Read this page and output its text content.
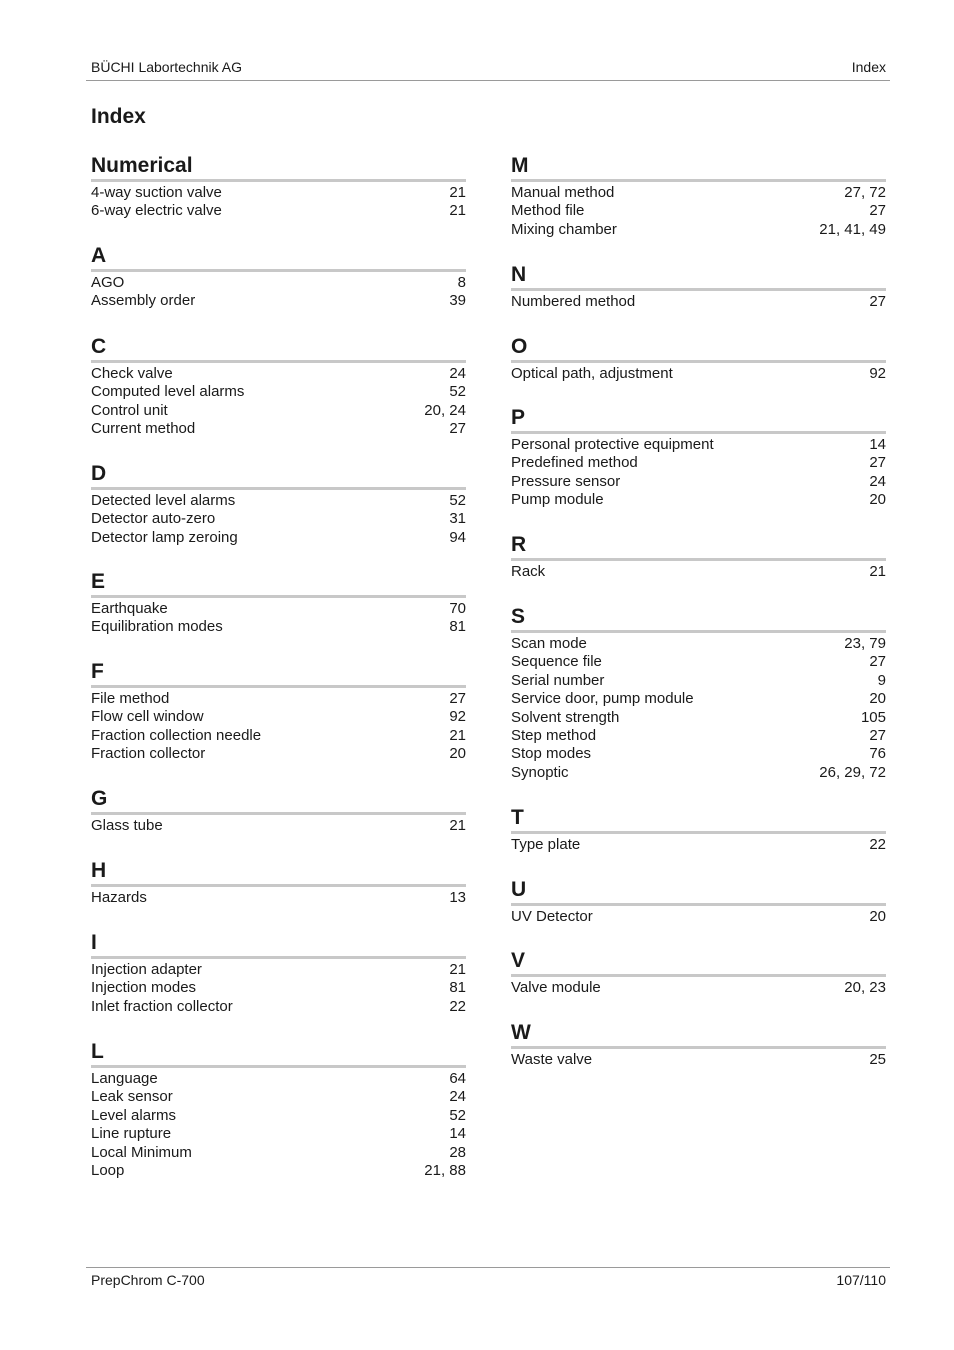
BÜCHI Labortechnik AG	Index
Index
Numerical
4-way suction valve	21
6-way electric valve	21
A
AGO	8
Assembly order	39
C
Check valve	24
Computed level alarms	52
Control unit	20, 24
Current method	27
D
Detected level alarms	52
Detector auto-zero	31
Detector lamp zeroing	94
E
Earthquake	70
Equilibration modes	81
F
File method	27
Flow cell window	92
Fraction collection needle	21
Fraction collector	20
G
Glass tube	21
H
Hazards	13
I
Injection adapter	21
Injection modes	81
Inlet fraction collector	22
L
Language	64
Leak sensor	24
Level alarms	52
Line rupture	14
Local Minimum	28
Loop	21, 88
M
Manual method	27, 72
Method file	27
Mixing chamber	21, 41, 49
N
Numbered method	27
O
Optical path, adjustment	92
P
Personal protective equipment	14
Predefined method	27
Pressure sensor	24
Pump module	20
R
Rack	21
S
Scan mode	23, 79
Sequence file	27
Serial number	9
Service door, pump module	20
Solvent strength	105
Step method	27
Stop modes	76
Synoptic	26, 29, 72
T
Type plate	22
U
UV Detector	20
V
Valve module	20, 23
W
Waste valve	25
PrepChrom C-700	107/110
